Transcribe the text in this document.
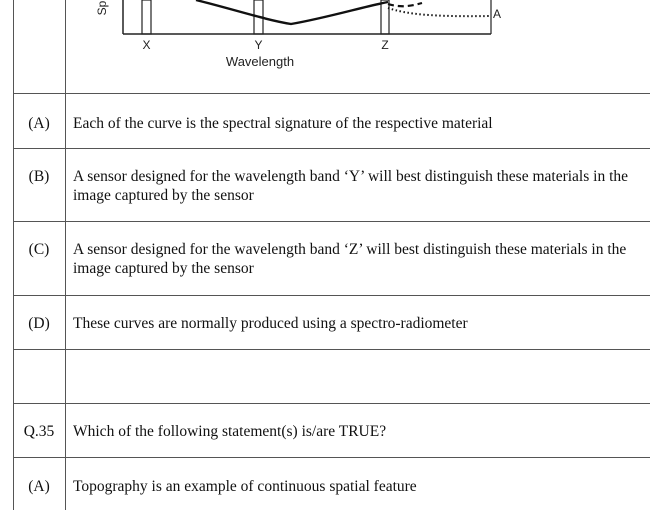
Sp	A
X	Y	Z
Wavelength
(A)	Each of the curve is the spectral signature of the respective material
(B)	A sensor designed for the wavelength band ‘Y’ will best distinguish these materials in the image captured by the sensor
(C)	A sensor designed for the wavelength band ‘Z’ will best distinguish these materials in the image captured by the sensor
(D)	These curves are normally produced using a spectro-radiometer
Q.35	Which of the following statement(s) is/are TRUE?
(A)	Topography is an example of continuous spatial feature
